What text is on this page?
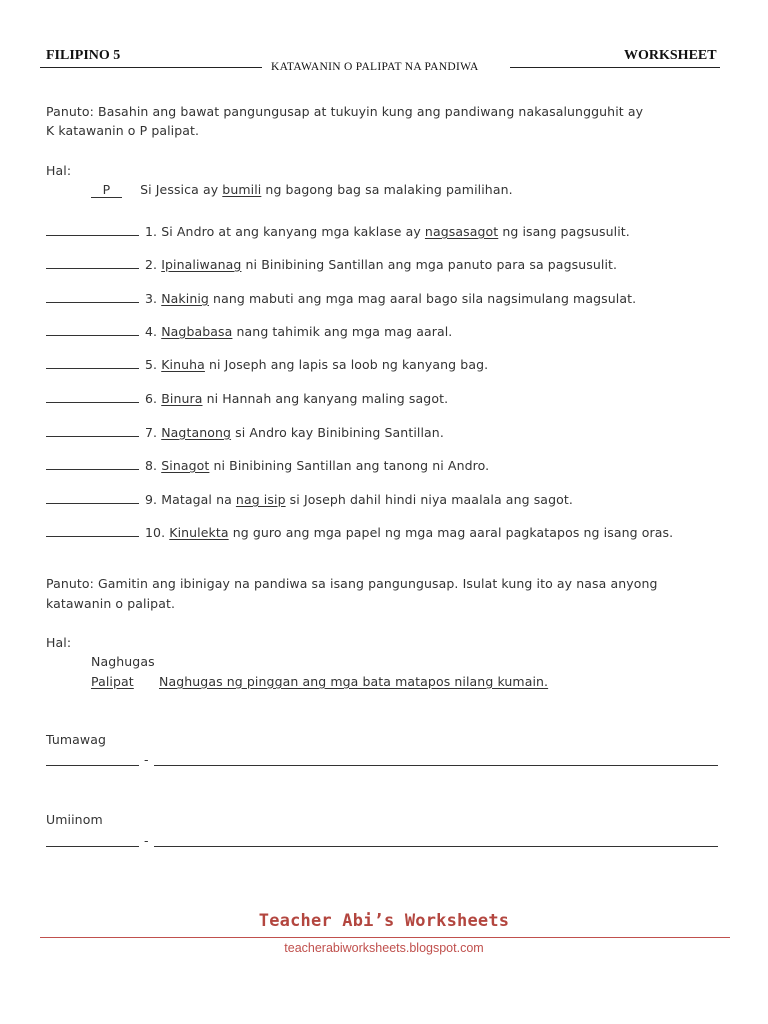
FILIPINO 5	WORKSHEET
KATAWANIN O PALIPAT NA PANDIWA
Panuto: Basahin ang bawat pangungusap at tukuyin kung ang pandiwang nakasalungguhit ay
K katawanin o P palipat.
Hal:
P Si Jessica ay bumili ng bagong bag sa malaking pamilihan.
1. Si Andro at ang kanyang mga kaklase ay nagsasagot ng isang pagsusulit.
2. Ipinaliwanag ni Binibining Santillan ang mga panuto para sa pagsusulit.
3. Nakinig nang mabuti ang mga mag aaral bago sila nagsimulang magsulat.
4. Nagbabasa nang tahimik ang mga mag aaral.
5. Kinuha ni Joseph ang lapis sa loob ng kanyang bag.
6. Binura ni Hannah ang kanyang maling sagot.
7. Nagtanong si Andro kay Binibining Santillan.
8. Sinagot ni Binibining Santillan ang tanong ni Andro.
9. Matagal na nag isip si Joseph dahil hindi niya maalala ang sagot.
10. Kinulekta ng guro ang mga papel ng mga mag aaral pagkatapos ng isang oras.
Panuto: Gamitin ang ibinigay na pandiwa sa isang pangungusap. Isulat kung ito ay nasa anyong
katawanin o palipat.
Hal:
Naghugas
Palipat Naghugas ng pinggan ang mga bata matapos nilang kumain.
Tumawag
-
Umiinom
-
Teacher Abi’s Worksheets
teacherabiworksheets.blogspot.com
